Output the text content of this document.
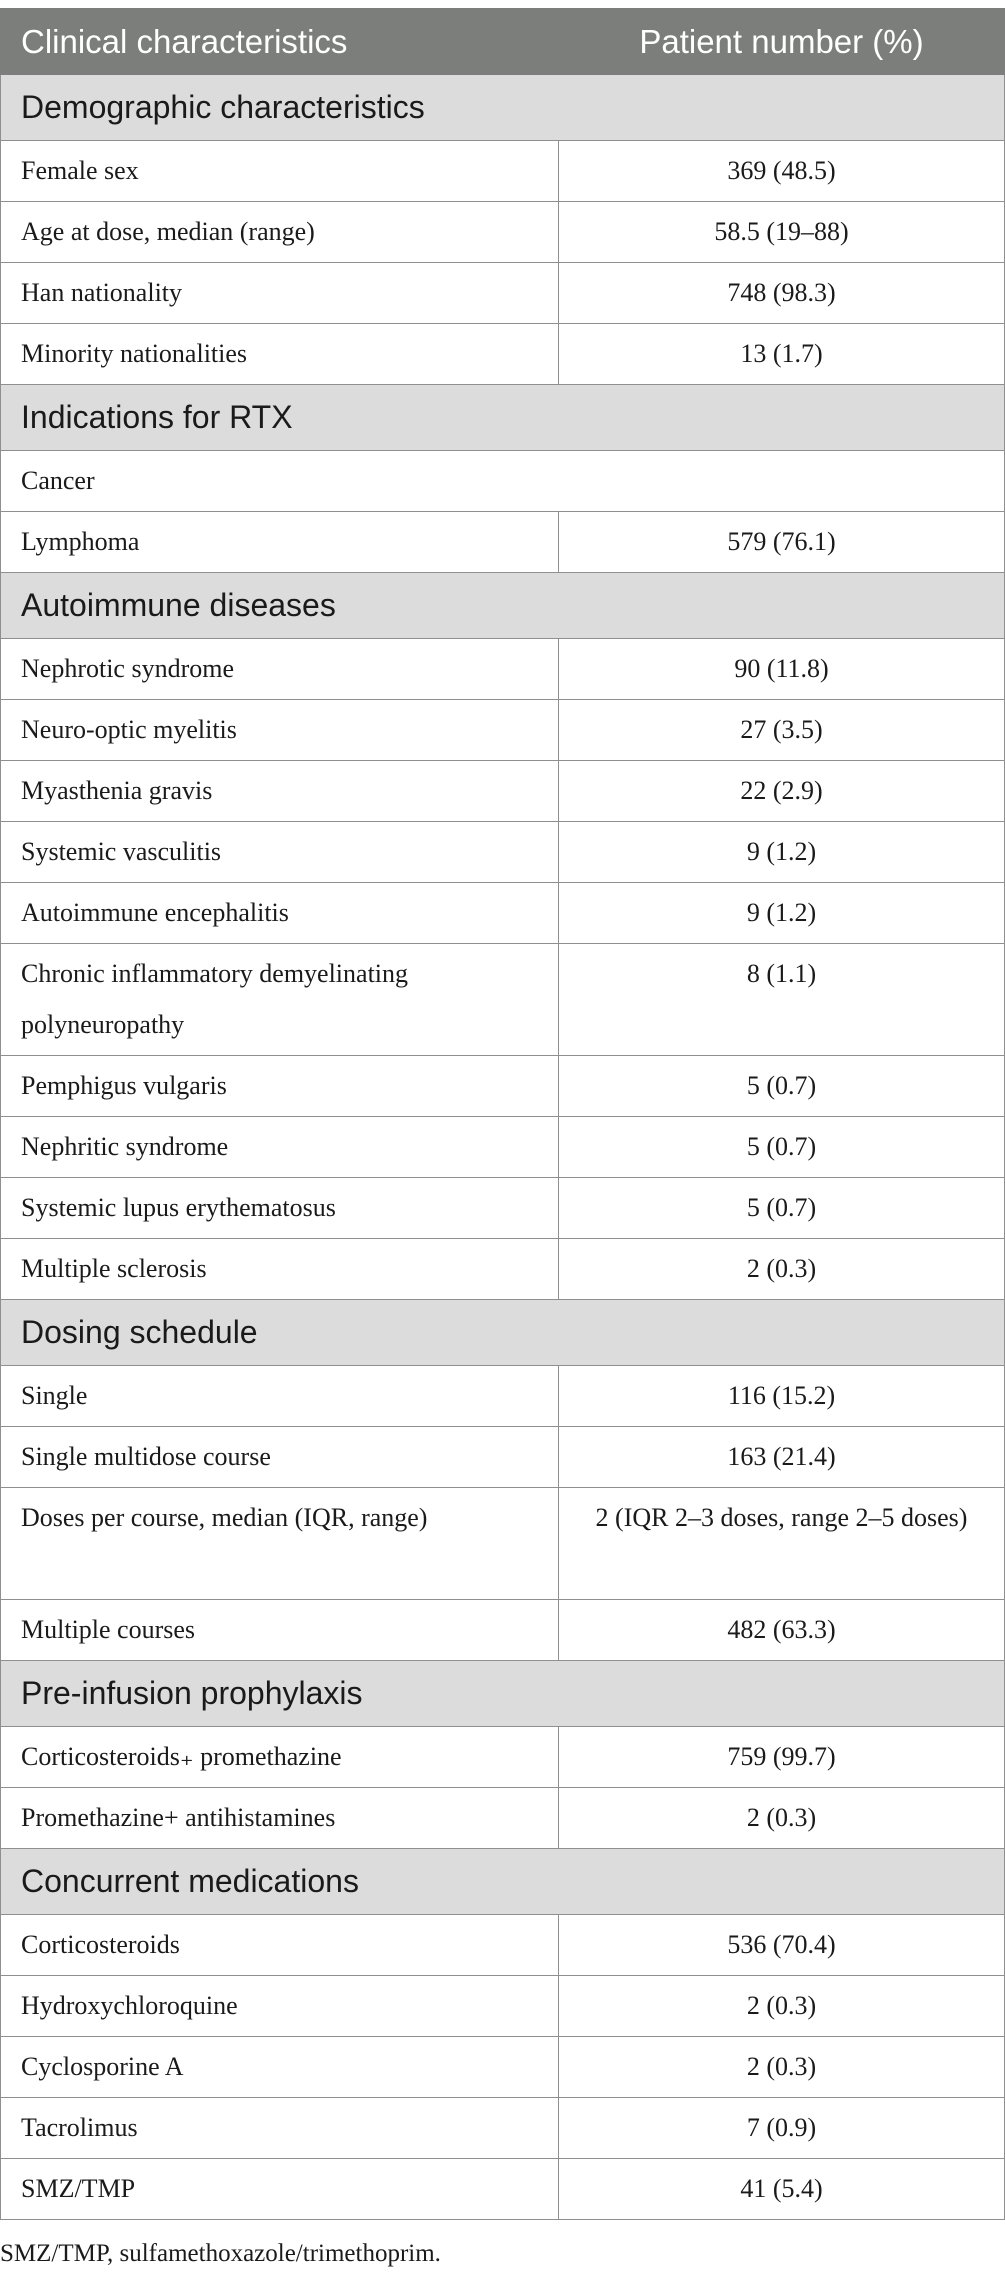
Clinical characteristics	Patient number (%)
Demographic characteristics	
Female sex	369 (48.5)
Age at dose, median (range)	58.5 (19–88)
Han nationality	748 (98.3)
Minority nationalities	13 (1.7)
Indications for RTX	
Cancer	
Lymphoma	579 (76.1)
Autoimmune diseases	
Nephrotic syndrome	90 (11.8)
Neuro-optic myelitis	27 (3.5)
Myasthenia gravis	22 (2.9)
Systemic vasculitis	9 (1.2)
Autoimmune encephalitis	9 (1.2)
Chronic inflammatory demyelinating polyneuropathy	8 (1.1)
Pemphigus vulgaris	5 (0.7)
Nephritic syndrome	5 (0.7)
Systemic lupus erythematosus	5 (0.7)
Multiple sclerosis	2 (0.3)
Dosing schedule	
Single	116 (15.2)
Single multidose course	163 (21.4)
Doses per course, median (IQR, range)	2 (IQR 2–3 doses, range 2–5 doses)
Multiple courses	482 (63.3)
Pre-infusion prophylaxis	
Corticosteroids₊ promethazine	759 (99.7)
Promethazine+ antihistamines	2 (0.3)
Concurrent medications	
Corticosteroids	536 (70.4)
Hydroxychloroquine	2 (0.3)
Cyclosporine A	2 (0.3)
Tacrolimus	7 (0.9)
SMZ/TMP	41 (5.4)
SMZ/TMP, sulfamethoxazole/trimethoprim.
